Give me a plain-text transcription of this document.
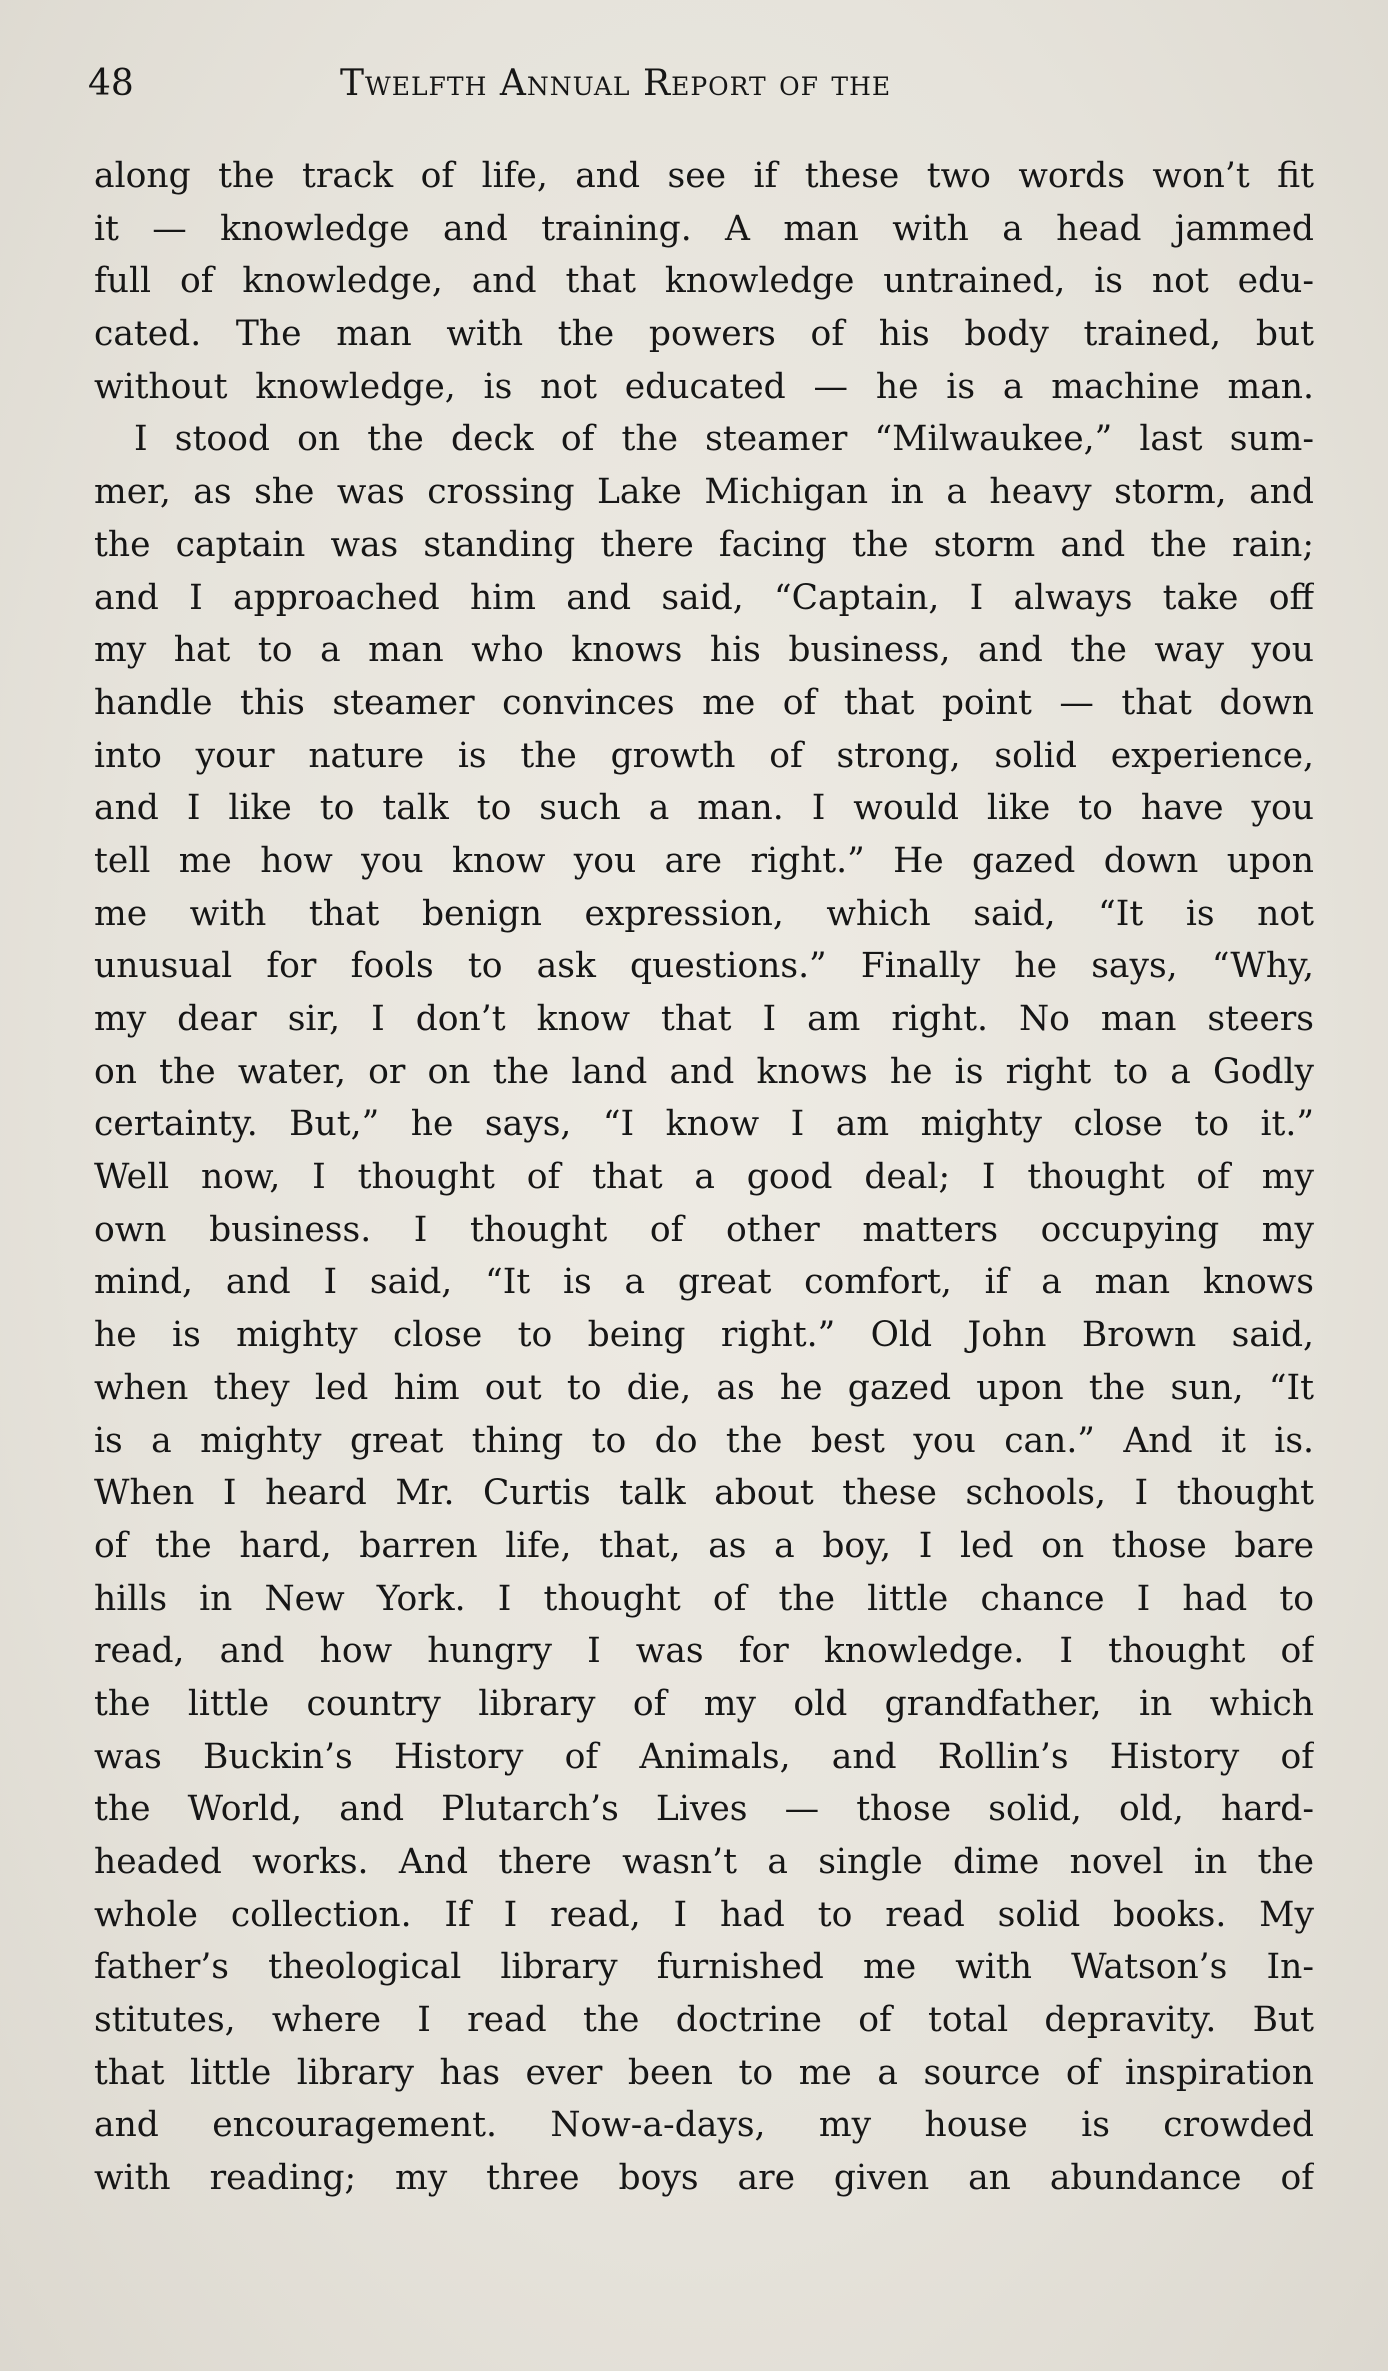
48	Twelfth Annual Report of the
along the track of life, and see if these two words won’t fit
it — knowledge and training. A man with a head jammed
full of knowledge, and that knowledge untrained, is not edu-
cated. The man with the powers of his body trained, but
without knowledge, is not educated — he is a machine man.
I stood on the deck of the steamer “Milwaukee,” last sum-
mer, as she was crossing Lake Michigan in a heavy storm, and
the captain was standing there facing the storm and the rain;
and I approached him and said, “Captain, I always take off
my hat to a man who knows his business, and the way you
handle this steamer convinces me of that point — that down
into your nature is the growth of strong, solid experience,
and I like to talk to such a man. I would like to have you
tell me how you know you are right.” He gazed down upon
me with that benign expression, which said, “It is not
unusual for fools to ask questions.” Finally he says, “Why,
my dear sir, I don’t know that I am right. No man steers
on the water, or on the land and knows he is right to a Godly
certainty. But,” he says, “I know I am mighty close to it.”
Well now, I thought of that a good deal; I thought of my
own business. I thought of other matters occupying my
mind, and I said, “It is a great comfort, if a man knows
he is mighty close to being right.” Old John Brown said,
when they led him out to die, as he gazed upon the sun, “It
is a mighty great thing to do the best you can.” And it is.
When I heard Mr. Curtis talk about these schools, I thought
of the hard, barren life, that, as a boy, I led on those bare
hills in New York. I thought of the little chance I had to
read, and how hungry I was for knowledge. I thought of
the little country library of my old grandfather, in which
was Buckin’s History of Animals, and Rollin’s History of
the World, and Plutarch’s Lives — those solid, old, hard-
headed works. And there wasn’t a single dime novel in the
whole collection. If I read, I had to read solid books. My
father’s theological library furnished me with Watson’s In-
stitutes, where I read the doctrine of total depravity. But
that little library has ever been to me a source of inspiration
and encouragement. Now-a-days, my house is crowded
with reading; my three boys are given an abundance of
